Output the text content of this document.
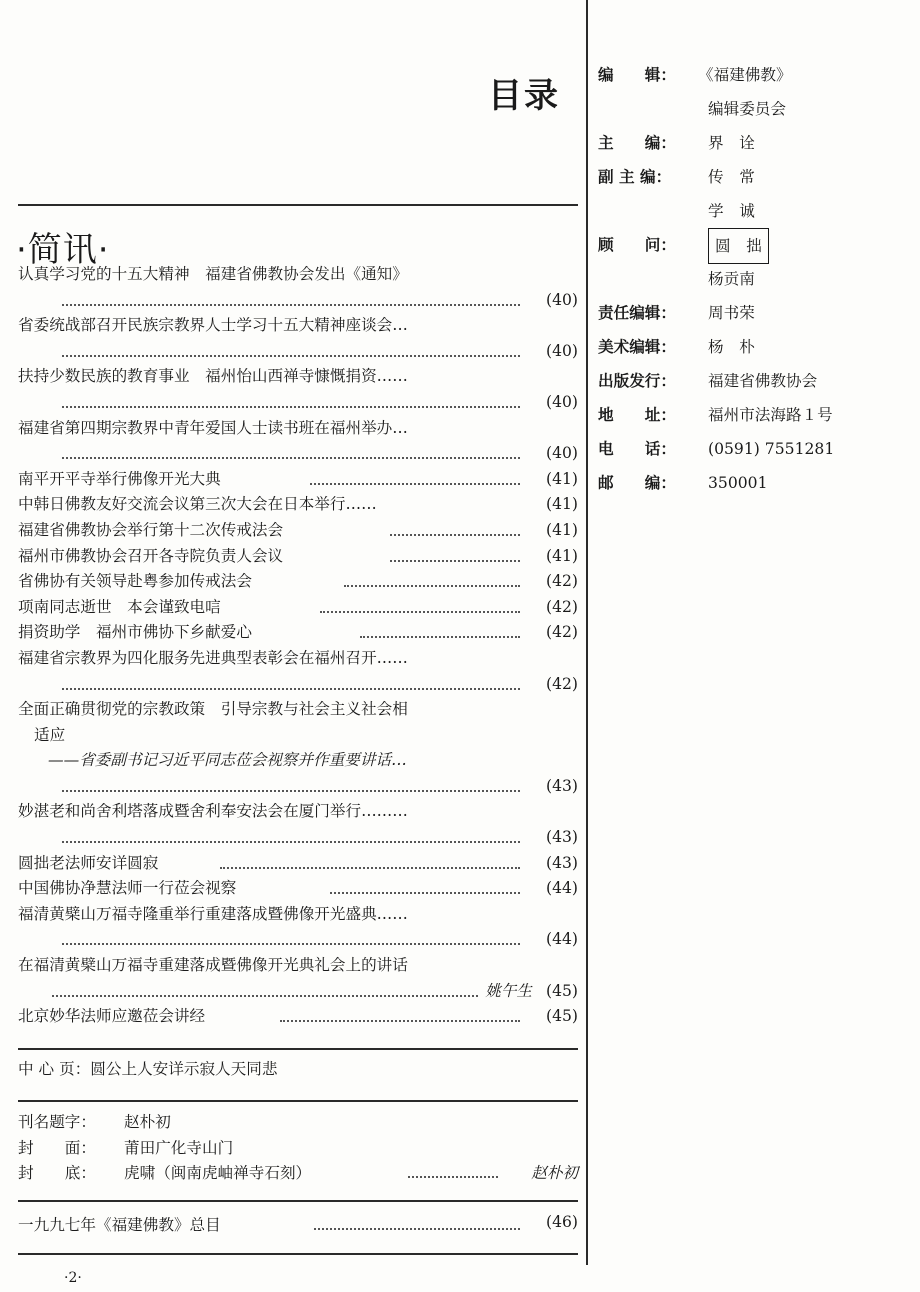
目录
·简讯·
认真学习党的十五大精神　福建省佛教协会发出《通知》
(40)
省委统战部召开民族宗教界人士学习十五大精神座谈会…
(40)
扶持少数民族的教育事业　福州怡山西禅寺慷慨捐资……
(40)
福建省第四期宗教界中青年爱国人士读书班在福州举办…
(40)
南平开平寺举行佛像开光大典	(41)
中韩日佛教友好交流会议第三次大会在日本举行……	(41)
福建省佛教协会举行第十二次传戒法会	(41)
福州市佛教协会召开各寺院负责人会议	(41)
省佛协有关领导赴粤参加传戒法会	(42)
项南同志逝世　本会谨致电唁	(42)
捐资助学　福州市佛协下乡献爱心	(42)
福建省宗教界为四化服务先进典型表彰会在福州召开……
(42)
全面正确贯彻党的宗教政策　引导宗教与社会主义社会相
适应
——省委副书记习近平同志莅会视察并作重要讲话…
(43)
妙湛老和尚舍利塔落成暨舍利奉安法会在厦门举行………
(43)
圆拙老法师安详圆寂	(43)
中国佛协净慧法师一行莅会视察	(44)
福清黄檗山万福寺隆重举行重建落成暨佛像开光盛典……
(44)
在福清黄檗山万福寺重建落成暨佛像开光典礼会上的讲话
姚午生 (45)
北京妙华法师应邀莅会讲经	(45)
中 心 页：圆公上人安详示寂人天同悲
刊名题字： 赵朴初
封　　面： 莆田广化寺山门
封　　底： 虎啸（闽南虎岫禅寺石刻）	赵朴初
一九九七年《福建佛教》总目	(46)
·2·
编　　辑：	《福建佛教》
编辑委员会
主　　编：	界　诠
副 主 编：	传　常
学　诚
顾　　问：	圆　拙
杨贡南
责任编辑：	周书荣
美术编辑：	杨　朴
出版发行：	福建省佛教协会
地　　址：	福州市法海路１号
电　　话：	(0591) 7551281
邮　　编：	350001
